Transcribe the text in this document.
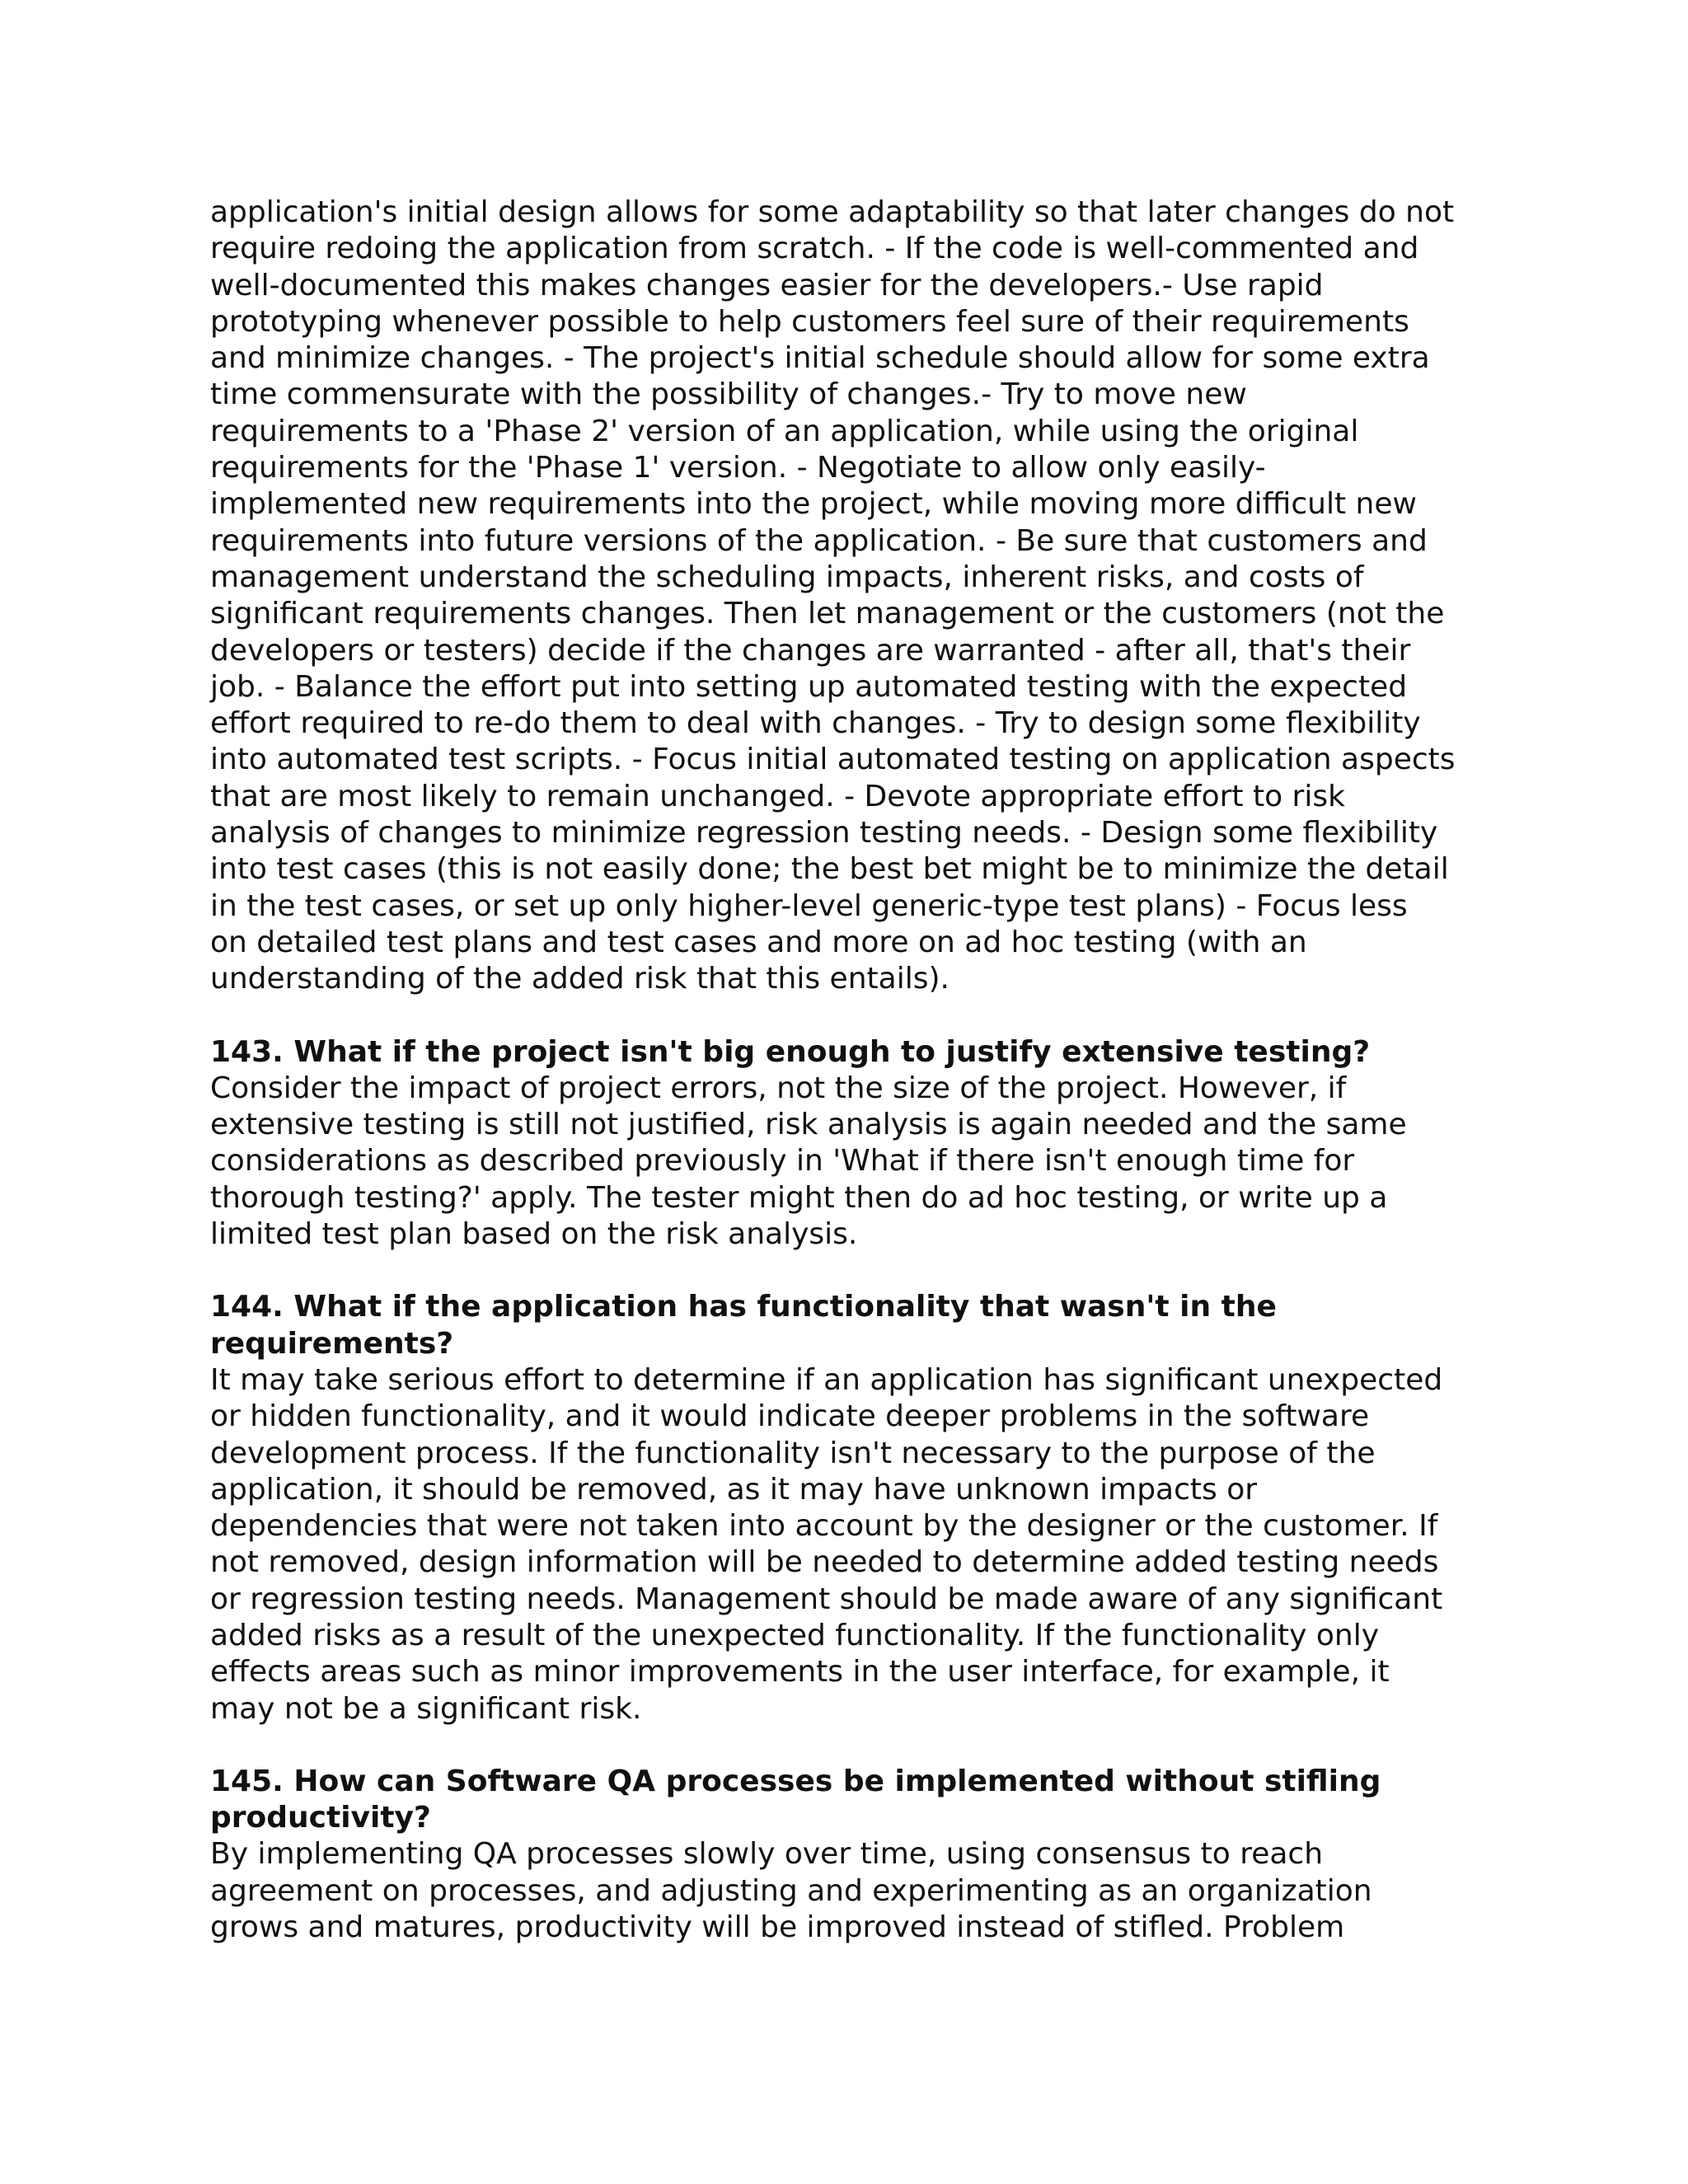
application's initial design allows for some adaptability so that later changes do not
require redoing the application from scratch. - If the code is well-commented and
well-documented this makes changes easier for the developers.- Use rapid
prototyping whenever possible to help customers feel sure of their requirements
and minimize changes. - The project's initial schedule should allow for some extra
time commensurate with the possibility of changes.- Try to move new
requirements to a 'Phase 2' version of an application, while using the original
requirements for the 'Phase 1' version. - Negotiate to allow only easily-
implemented new requirements into the project, while moving more difficult new
requirements into future versions of the application. - Be sure that customers and
management understand the scheduling impacts, inherent risks, and costs of
significant requirements changes. Then let management or the customers (not the
developers or testers) decide if the changes are warranted - after all, that's their
job. - Balance the effort put into setting up automated testing with the expected
effort required to re-do them to deal with changes. - Try to design some flexibility
into automated test scripts. - Focus initial automated testing on application aspects
that are most likely to remain unchanged. - Devote appropriate effort to risk
analysis of changes to minimize regression testing needs. - Design some flexibility
into test cases (this is not easily done; the best bet might be to minimize the detail
in the test cases, or set up only higher-level generic-type test plans) - Focus less
on detailed test plans and test cases and more on ad hoc testing (with an
understanding of the added risk that this entails).

143. What if the project isn't big enough to justify extensive testing?

Consider the impact of project errors, not the size of the project. However, if
extensive testing is still not justified, risk analysis is again needed and the same
considerations as described previously in 'What if there isn't enough time for
thorough testing?' apply. The tester might then do ad hoc testing, or write up a
limited test plan based on the risk analysis.

144. What if the application has functionality that wasn't in the
requirements?

It may take serious effort to determine if an application has significant unexpected
or hidden functionality, and it would indicate deeper problems in the software
development process. If the functionality isn't necessary to the purpose of the
application, it should be removed, as it may have unknown impacts or
dependencies that were not taken into account by the designer or the customer. If
not removed, design information will be needed to determine added testing needs
or regression testing needs. Management should be made aware of any significant
added risks as a result of the unexpected functionality. If the functionality only
effects areas such as minor improvements in the user interface, for example, it
may not be a significant risk.

145. How can Software QA processes be implemented without stifling
productivity?

By implementing QA processes slowly over time, using consensus to reach
agreement on processes, and adjusting and experimenting as an organization
grows and matures, productivity will be improved instead of stifled. Problem
